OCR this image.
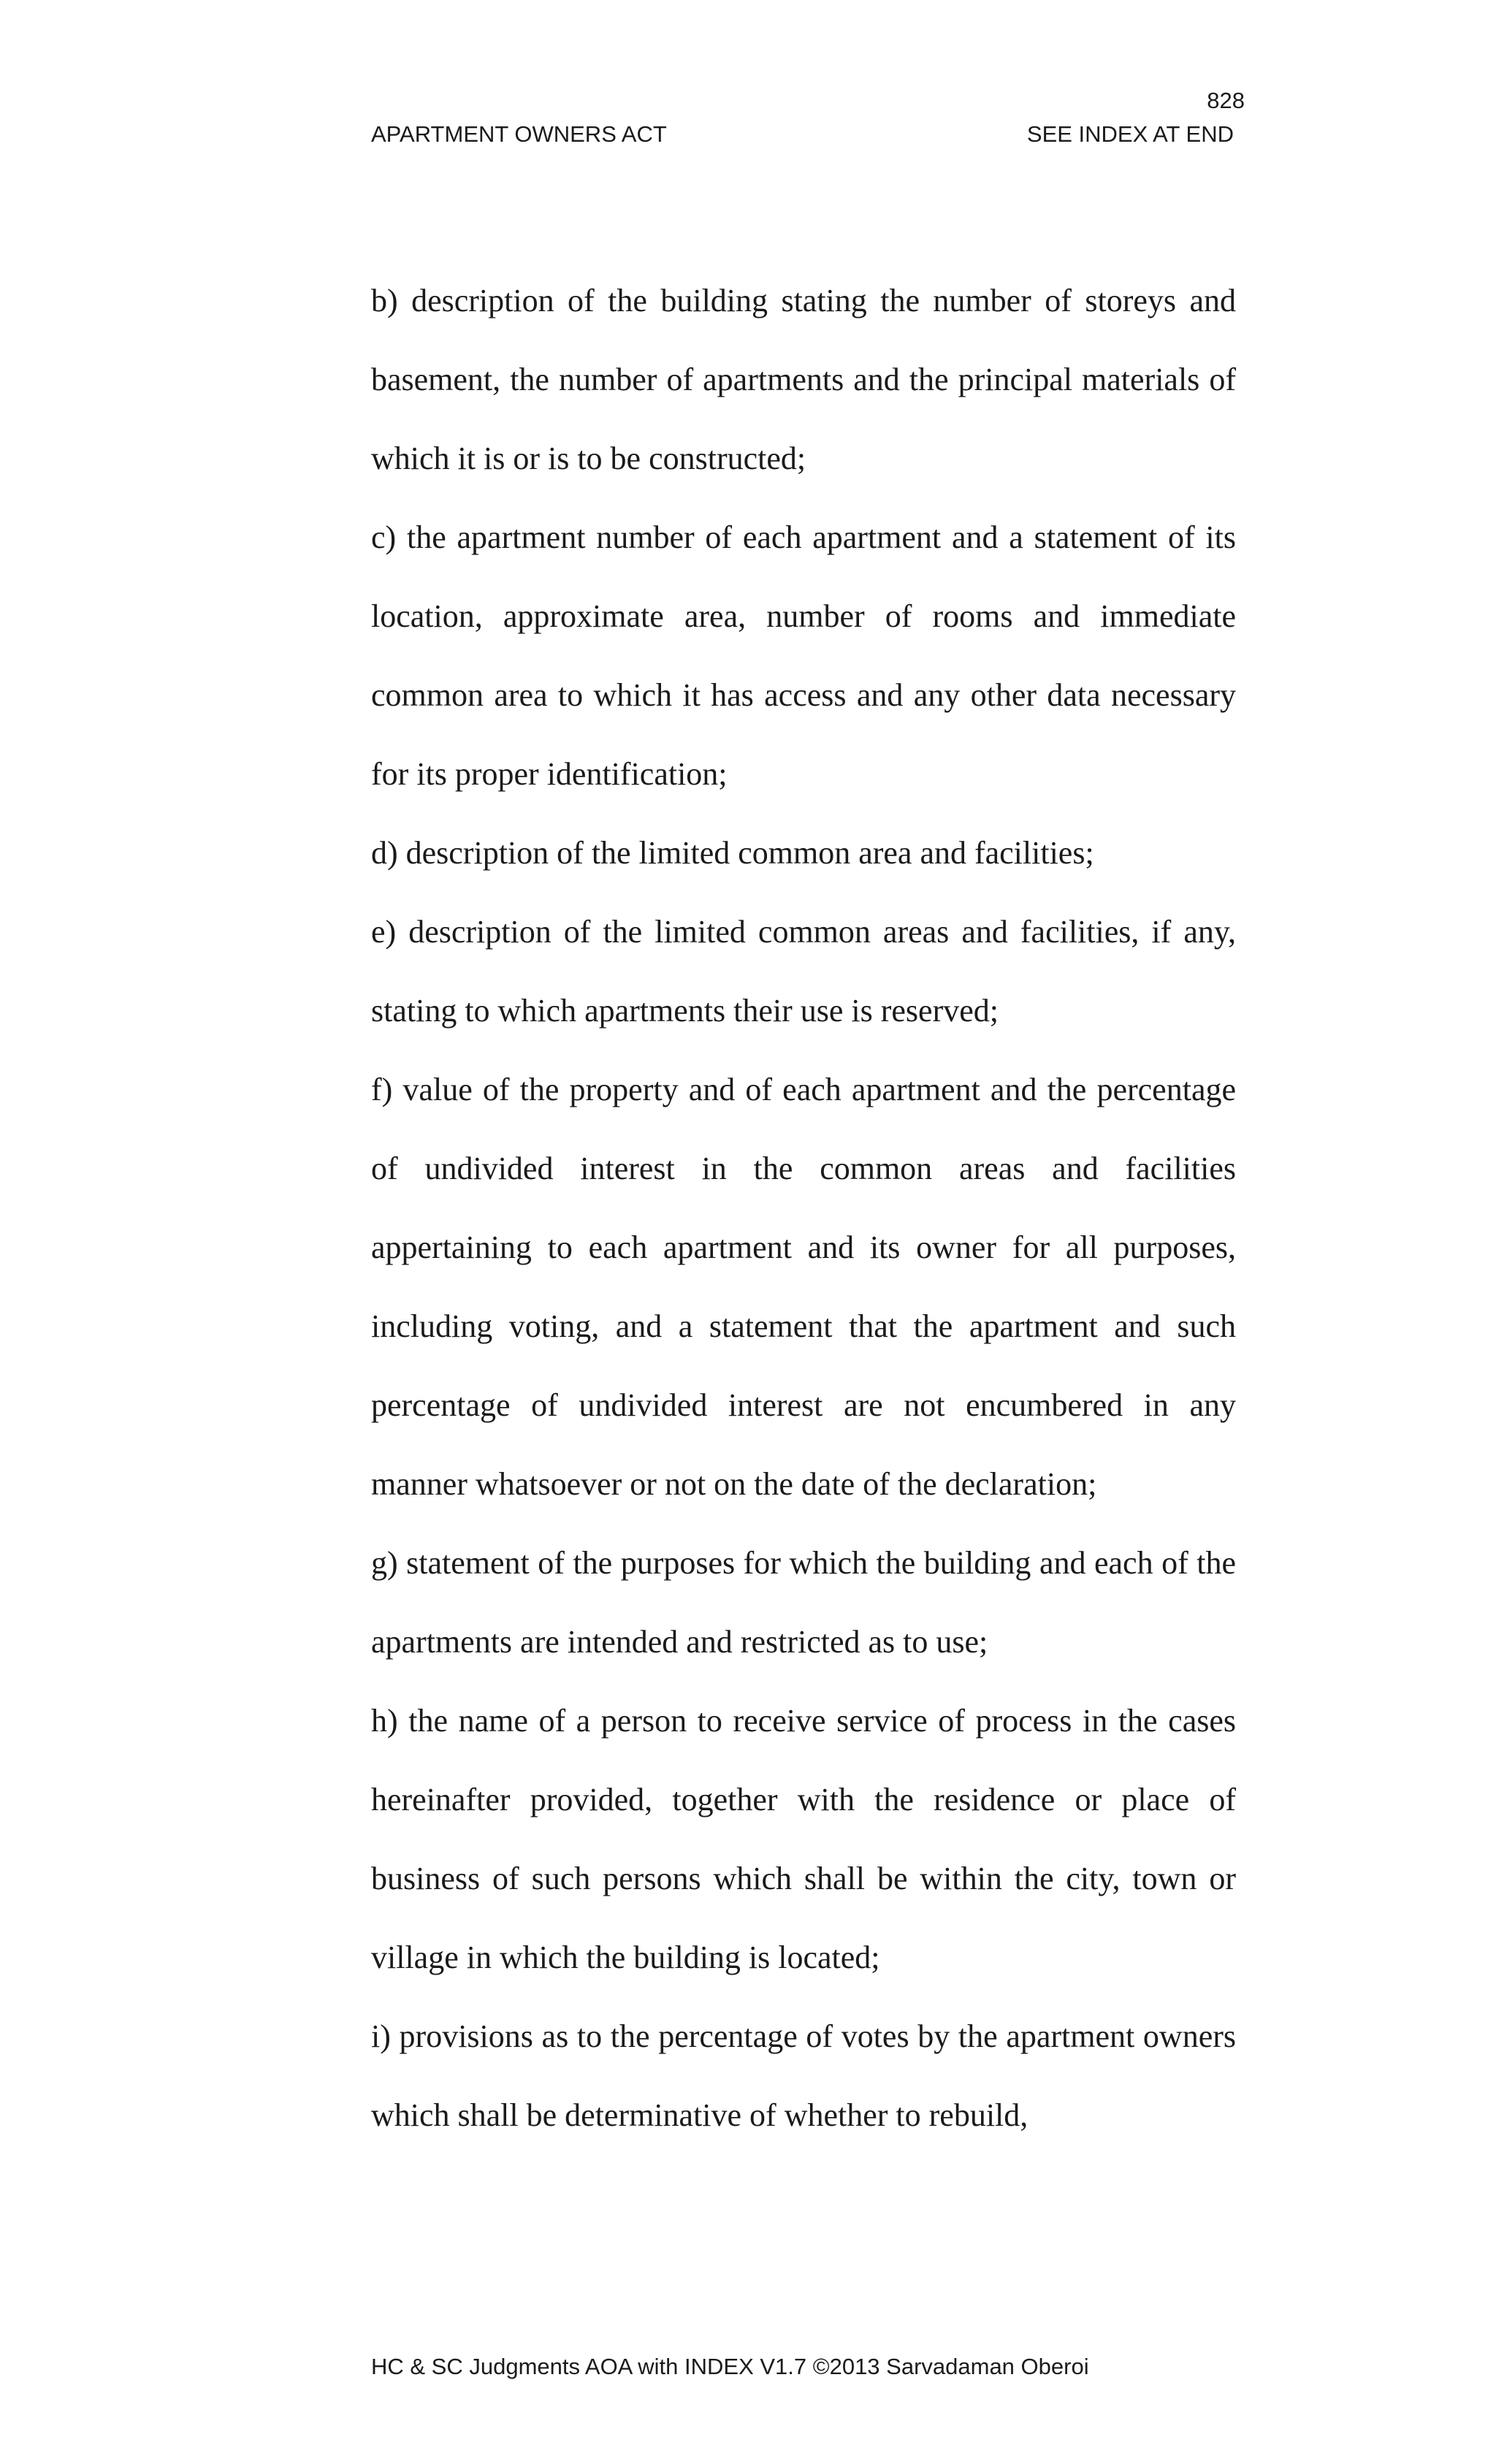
828
APARTMENT OWNERS ACT	SEE INDEX AT END

b) description of the building stating the number of storeys and basement, the number of apartments and the principal materials of which it is or is to be constructed;

c) the apartment number of each apartment and a statement of its location, approximate area, number of rooms and immediate common area to which it has access and any other data necessary for its proper identification;

d) description of the limited common area and facilities;

e) description of the limited common areas and facilities, if any, stating to which apartments their use is reserved;

f) value of the property and of each apartment and the percentage of undivided interest in the common areas and facilities appertaining to each apartment and its owner for all purposes, including voting, and a statement that the apartment and such percentage of undivided interest are not encumbered in any manner whatsoever or not on the date of the declaration;

g) statement of the purposes for which the building and each of the apartments are intended and restricted as to use;

h) the name of a person to receive service of process in the cases hereinafter provided, together with the residence or place of business of such persons which shall be within the city, town or village in which the building is located;

i) provisions as to the percentage of votes by the apartment owners which shall be determinative of whether to rebuild,

HC & SC Judgments AOA with INDEX V1.7 ©2013 Sarvadaman Oberoi
